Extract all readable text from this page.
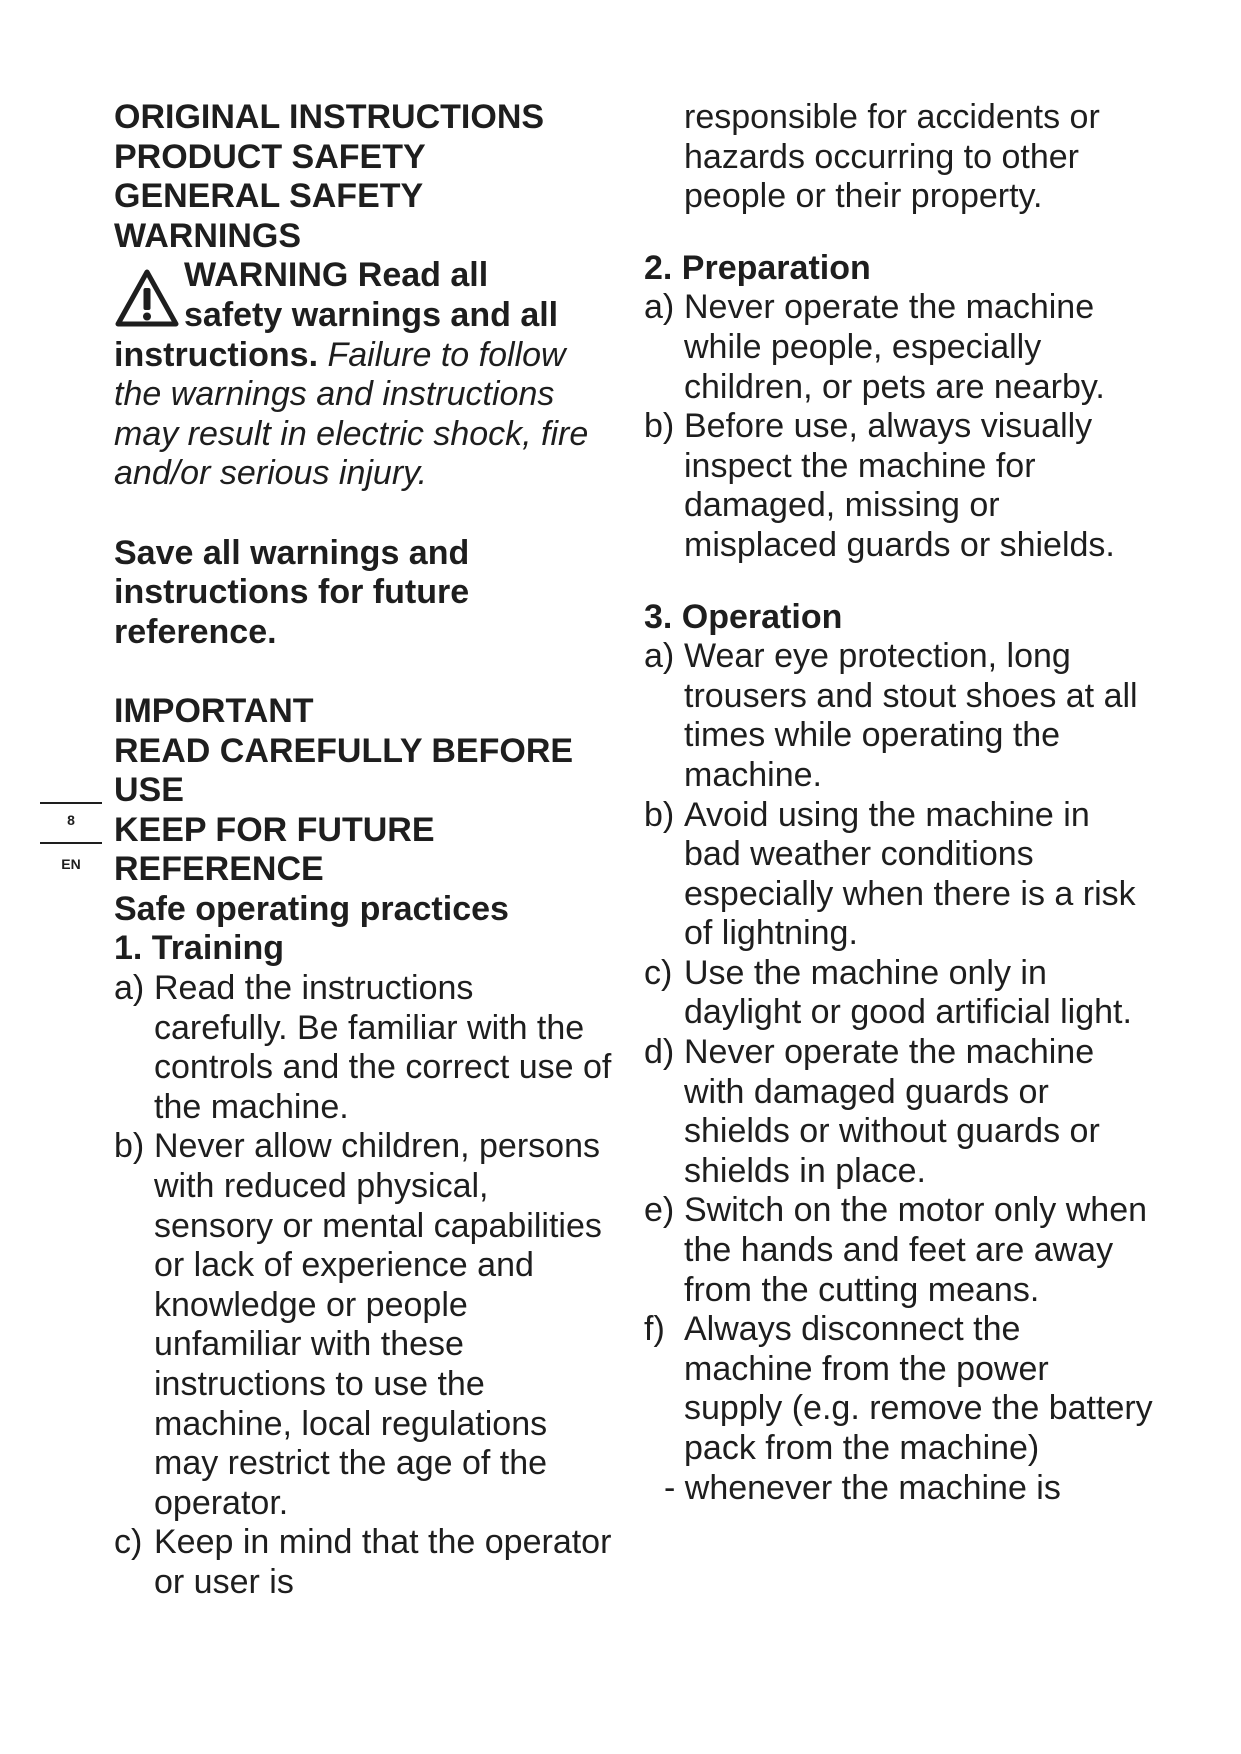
8
EN
ORIGINAL INSTRUCTIONS
PRODUCT SAFETY
GENERAL SAFETY
WARNINGS
WARNING Read all
safety warnings and all
instructions. Failure to follow the warnings and instructions may result in electric shock, fire and/or serious injury.
Save all warnings and instructions for future reference.
IMPORTANT
READ CAREFULLY BEFORE
USE
KEEP FOR FUTURE
REFERENCE
Safe operating practices
1. Training
a) Read the instructions carefully. Be familiar with the controls and the correct use of the machine.
b) Never allow children, persons with reduced physical, sensory or mental capabilities or lack of experience and knowledge or people unfamiliar with these instructions to use the machine, local regulations may restrict the age of the operator.
c) Keep in mind that the operator or user is
responsible for accidents or hazards occurring to other people or their property.
2. Preparation
a) Never operate the machine while people, especially children, or pets are nearby.
b) Before use, always visually inspect the machine for damaged, missing or misplaced guards or shields.
3. Operation
a) Wear eye protection, long trousers and stout shoes at all times while operating the machine.
b) Avoid using the machine in bad weather conditions especially when there is a risk of lightning.
c) Use the machine only in daylight or good artificial light.
d) Never operate the machine with damaged guards or shields or without guards or shields in place.
e) Switch on the motor only when the hands and feet are away from the cutting means.
f) Always disconnect the machine from the power supply (e.g. remove the battery pack from the machine)
- whenever the machine is
